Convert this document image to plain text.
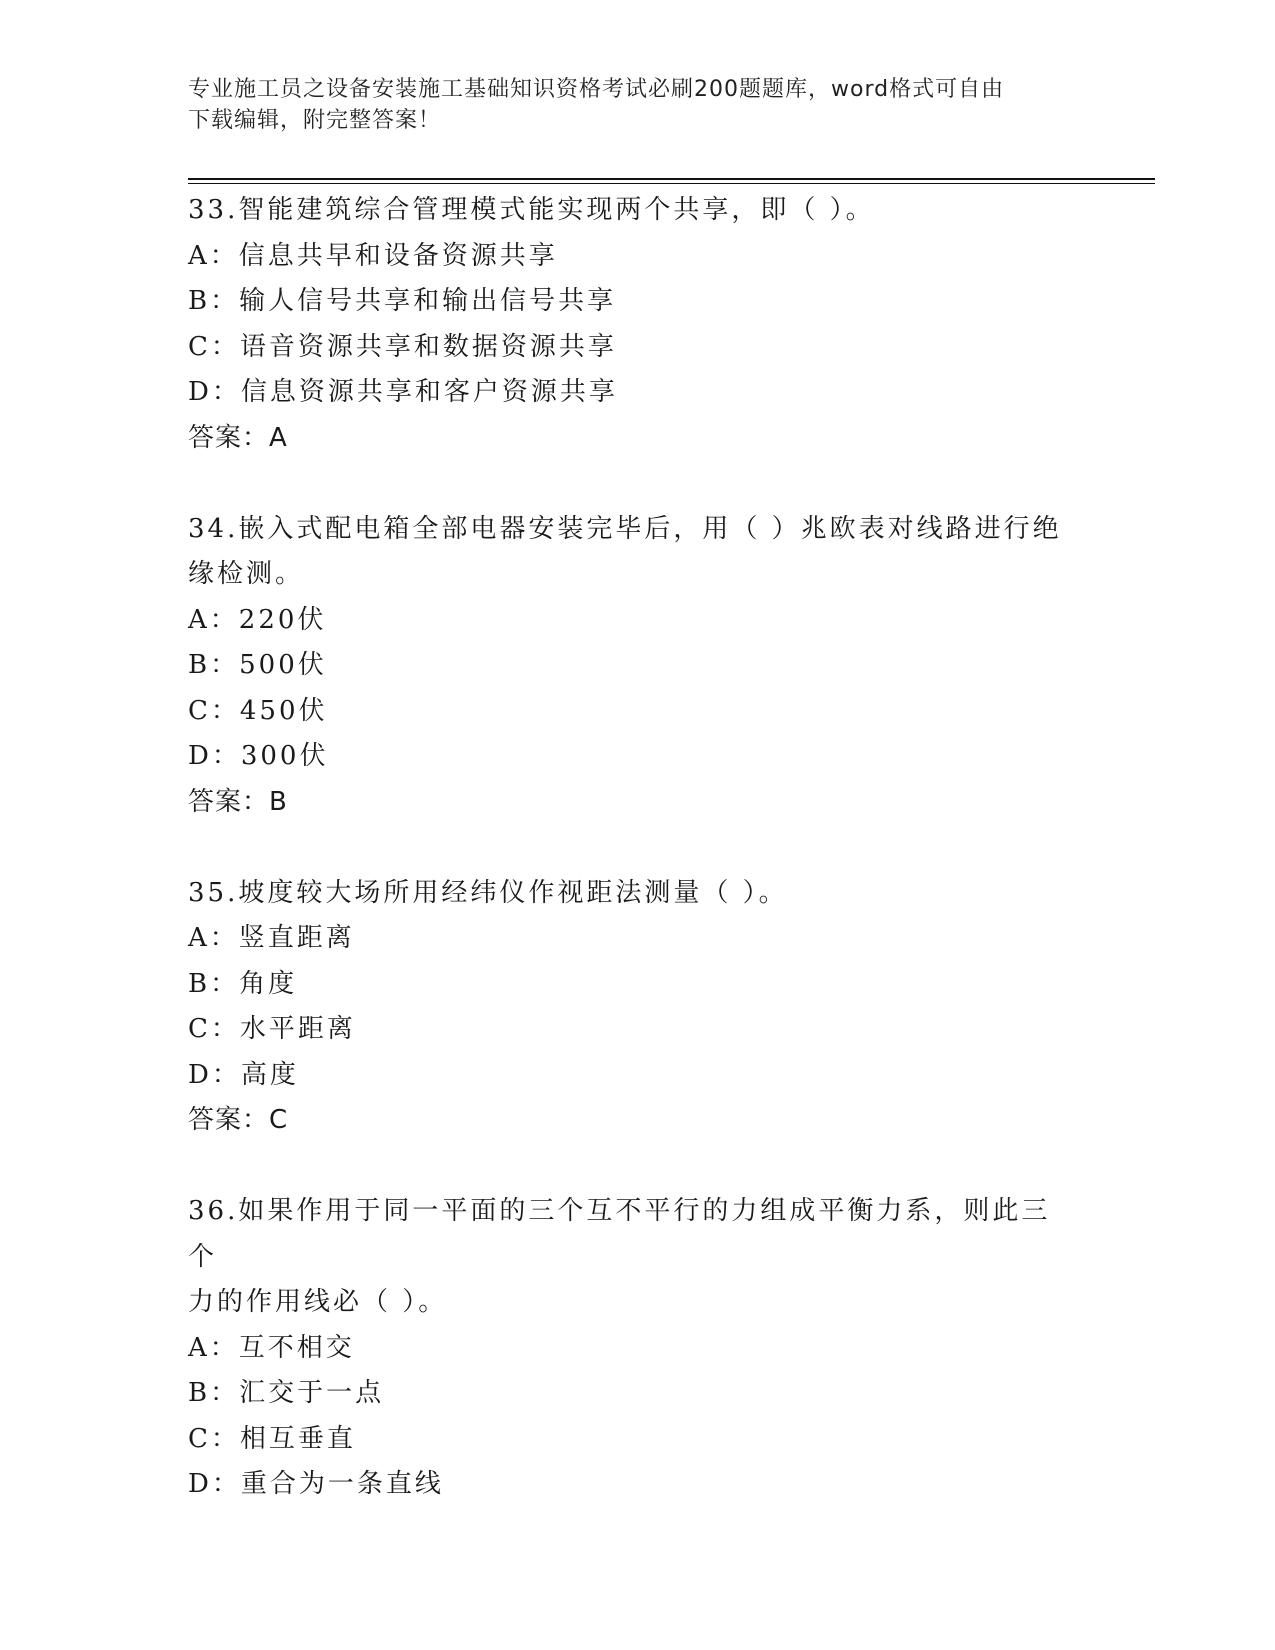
专业施工员之设备安装施工基础知识资格考试必刷200题题库，word格式可自由
下载编辑，附完整答案！

33.智能建筑综合管理模式能实现两个共享，即（ ）。

A：信息共早和设备资源共享

B：输人信号共享和输出信号共享

C：语音资源共享和数据资源共享

D：信息资源共享和客户资源共享

答案：A

34.嵌入式配电箱全部电器安装完毕后，用（ ）兆欧表对线路进行绝

缘检测。

A：220伏

B：500伏

C：450伏

D：300伏

答案：B

35.坡度较大场所用经纬仪作视距法测量（ ）。

A：竖直距离

B：角度

C：水平距离

D：高度

答案：C

36.如果作用于同一平面的三个互不平行的力组成平衡力系，则此三个

力的作用线必（ ）。

A：互不相交

B：汇交于一点

C：相互垂直

D：重合为一条直线
